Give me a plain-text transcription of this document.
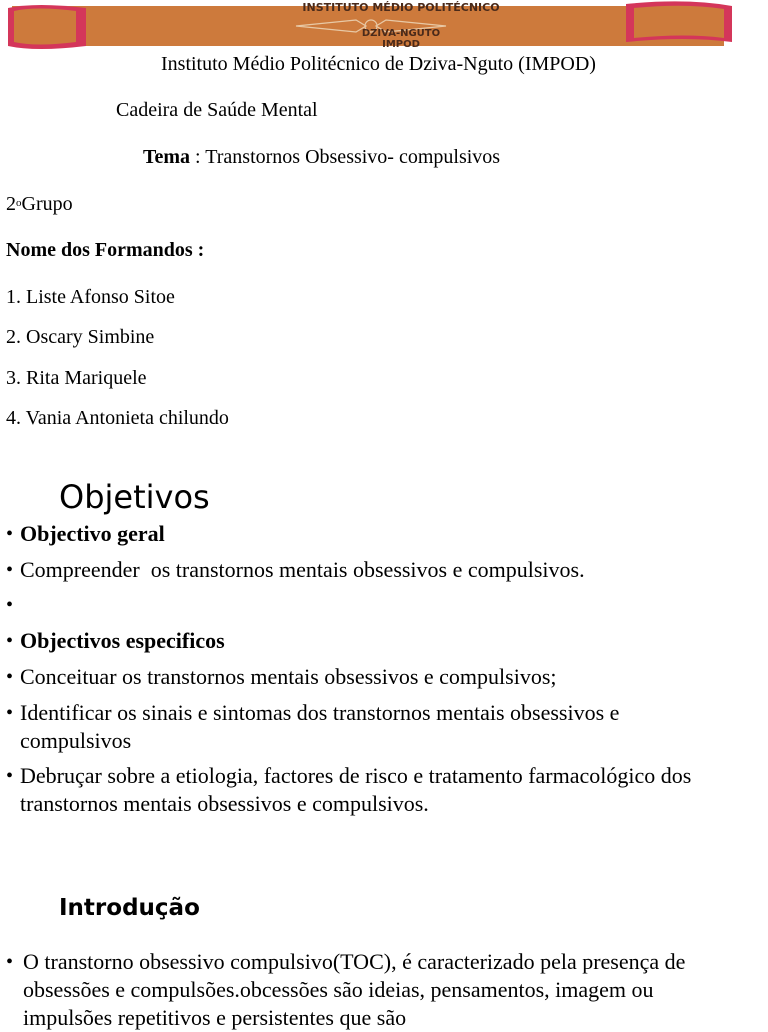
INSTITUTO MÉDIO POLITÉCNICO
DZIVA-NGUTO
IMPOD
Instituto Médio Politécnico de Dziva-Nguto (IMPOD)
Cadeira de Saúde Mental
Tema : Transtornos Obsessivo- compulsivos
2$^o$Grupo
Nome dos Formandos :
1. Liste Afonso Sitoe
2. Oscary Simbine
3. Rita Mariquele
4. Vania Antonieta chilundo
Objetivos
• Objectivo geral
• Compreender  os transtornos mentais obsessivos e compulsivos.
•
• Objectivos especificos
• Conceituar os transtornos mentais obsessivos e compulsivos;
• Identificar os sinais e sintomas dos transtornos mentais obsessivos e compulsivos
• Debruçar sobre a etiologia, factores de risco e tratamento farmacológico dos transtornos mentais obsessivos e compulsivos.
Introdução
• O transtorno obsessivo compulsivo(TOC), é caracterizado pela presença de obsessões e compulsões.obcessões são ideias, pensamentos, imagem ou impulsões repetitivos e persistentes que são
